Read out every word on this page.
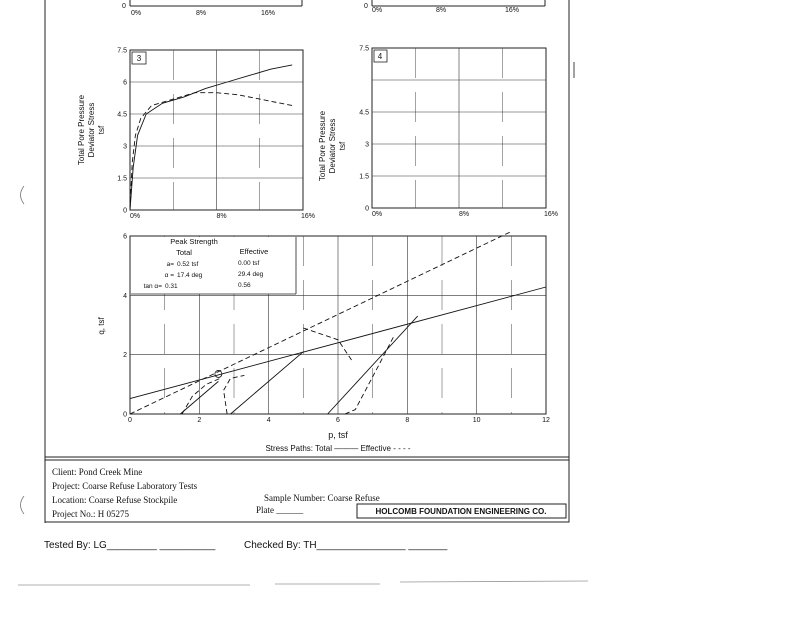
0
0%	8%	16%
0
0%	8%	16%
0%	8%	16%
0
1.5
3
4.5
6
7.5
3
Total Pore Pressure Deviator Stress tsf
0%	8%	16%
0
1.5
3
4.5
7.5
4
Total Pore Pressure Deviator Stress tsf
0	2	4	6	8	10	12
0
2
4
6
q, tsf
p, tsf
Stress Paths: Total ——— Effective - - - -
Peak Strength
Total	Effective
a= 0.52 tsf	0.00 tsf
α = 17.4 deg	29.4 deg
tan α= 0.31	0.56
Client: Pond Creek Mine
Project: Coarse Refuse Laboratory Tests
Location: Coarse Refuse Stockpile
Project No.: H 05275
Sample Number: Coarse Refuse
Plate ______	HOLCOMB FOUNDATION ENGINEERING CO.
Tested By: LG_________ __________	Checked By: TH________________ _______
